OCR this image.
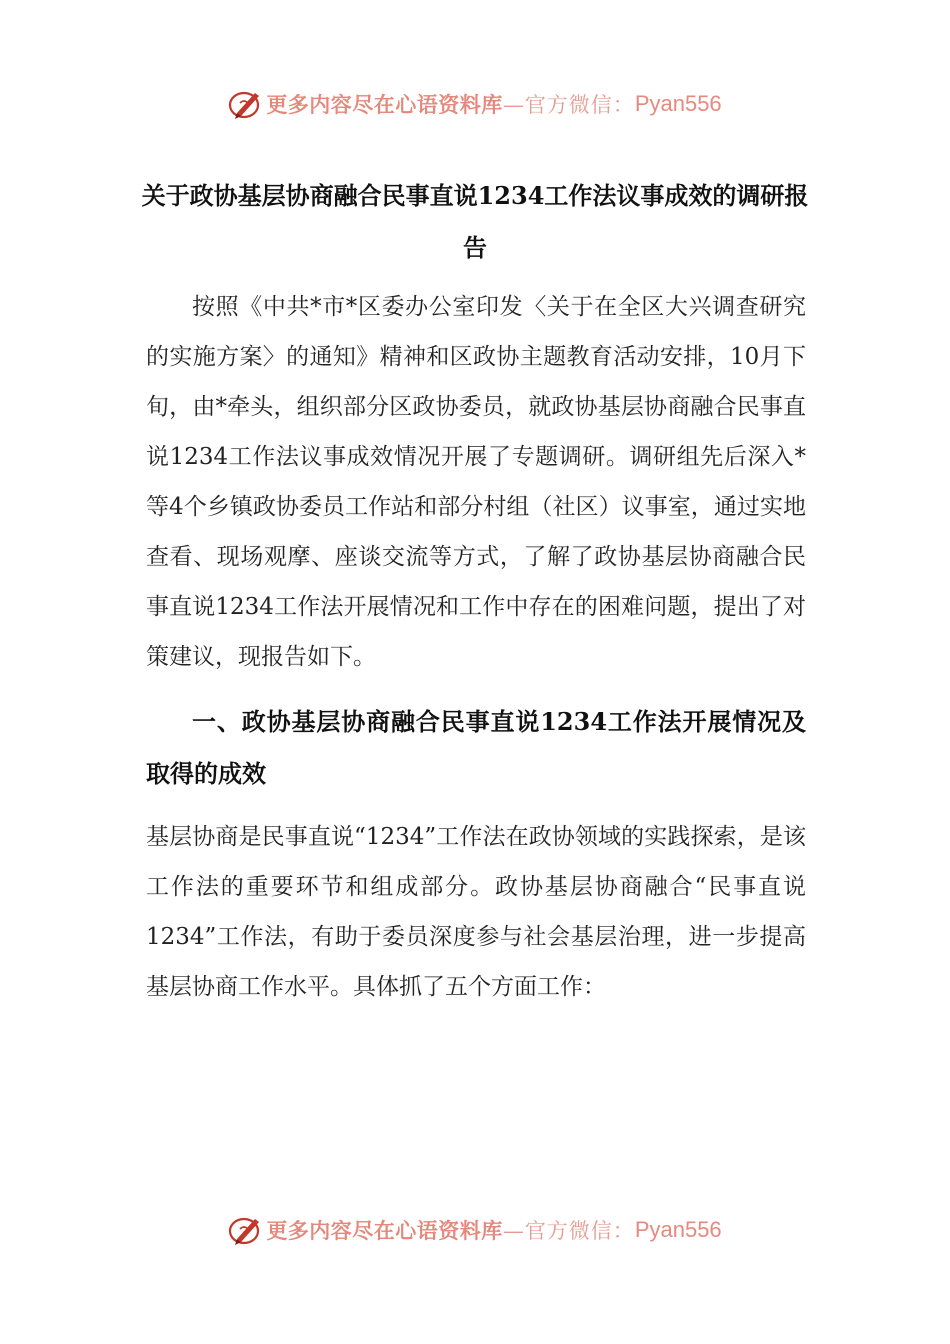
更多内容尽在心语资料库 —官方微信： Pyan556
关于政协基层协商融合民事直说1234工作法议事成效的调研报告

按照《中共*市*区委办公室印发〈关于在全区大兴调查研究的实施方案〉的通知》精神和区政协主题教育活动安排，10月下旬，由*牵头，组织部分区政协委员，就政协基层协商融合民事直说1234工作法议事成效情况开展了专题调研。调研组先后深入*等4个乡镇政协委员工作站和部分村组（社区）议事室，通过实地查看、现场观摩、座谈交流等方式，了解了政协基层协商融合民事直说1234工作法开展情况和工作中存在的困难问题，提出了对策建议，现报告如下。

一、政协基层协商融合民事直说1234工作法开展情况及取得的成效

基层协商是民事直说“1234”工作法在政协领域的实践探索，是该工作法的重要环节和组成部分。政协基层协商融合“民事直说1234”工作法，有助于委员深度参与社会基层治理，进一步提高基层协商工作水平。具体抓了五个方面工作：

更多内容尽在心语资料库 —官方微信： Pyan556
